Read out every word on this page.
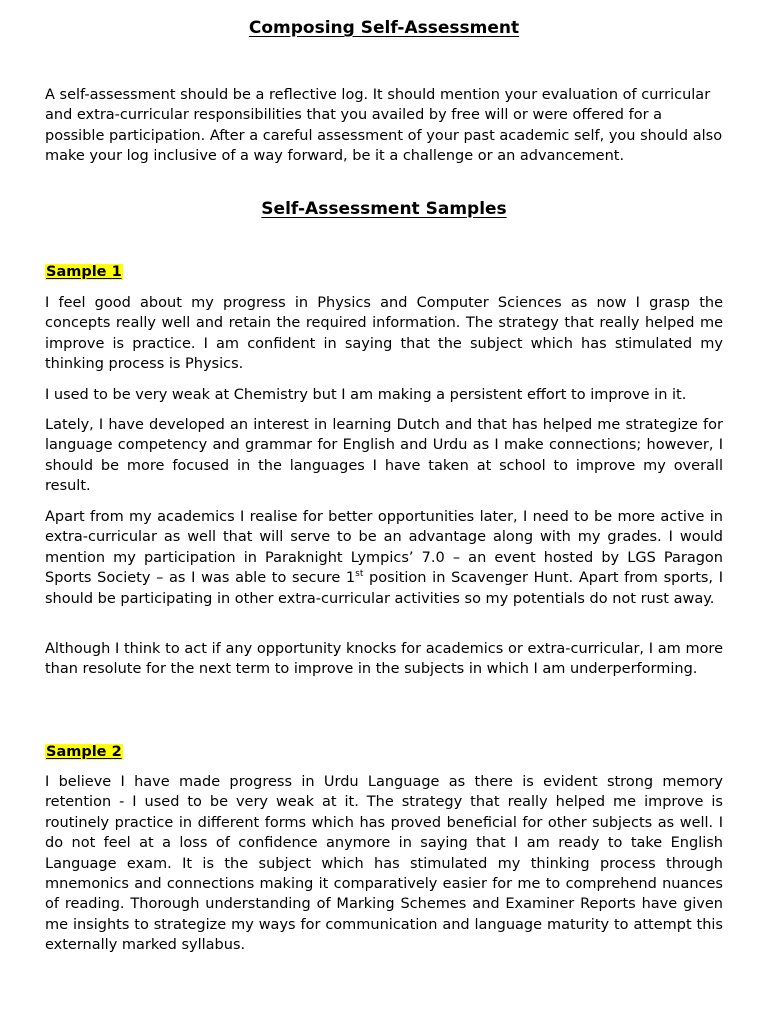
Composing Self-Assessment

A self-assessment should be a reflective log. It should mention your evaluation of curricular and extra-curricular responsibilities that you availed by free will or were offered for a possible participation. After a careful assessment of your past academic self, you should also make your log inclusive of a way forward, be it a challenge or an advancement.

Self-Assessment Samples

Sample 1

I feel good about my progress in Physics and Computer Sciences as now I grasp the concepts really well and retain the required information. The strategy that really helped me improve is practice. I am confident in saying that the subject which has stimulated my thinking process is Physics.

I used to be very weak at Chemistry but I am making a persistent effort to improve in it.

Lately, I have developed an interest in learning Dutch and that has helped me strategize for language competency and grammar for English and Urdu as I make connections; however, I should be more focused in the languages I have taken at school to improve my overall result.

Apart from my academics I realise for better opportunities later, I need to be more active in extra-curricular as well that will serve to be an advantage along with my grades. I would mention my participation in Paraknight Lympics’ 7.0 – an event hosted by LGS Paragon Sports Society – as I was able to secure 1st position in Scavenger Hunt. Apart from sports, I should be participating in other extra-curricular activities so my potentials do not rust away.

Although I think to act if any opportunity knocks for academics or extra-curricular, I am more than resolute for the next term to improve in the subjects in which I am underperforming.

Sample 2

I believe I have made progress in Urdu Language as there is evident strong memory retention - I used to be very weak at it. The strategy that really helped me improve is routinely practice in different forms which has proved beneficial for other subjects as well. I do not feel at a loss of confidence anymore in saying that I am ready to take English Language exam. It is the subject which has stimulated my thinking process through mnemonics and connections making it comparatively easier for me to comprehend nuances of reading. Thorough understanding of Marking Schemes and Examiner Reports have given me insights to strategize my ways for communication and language maturity to attempt this externally marked syllabus.
